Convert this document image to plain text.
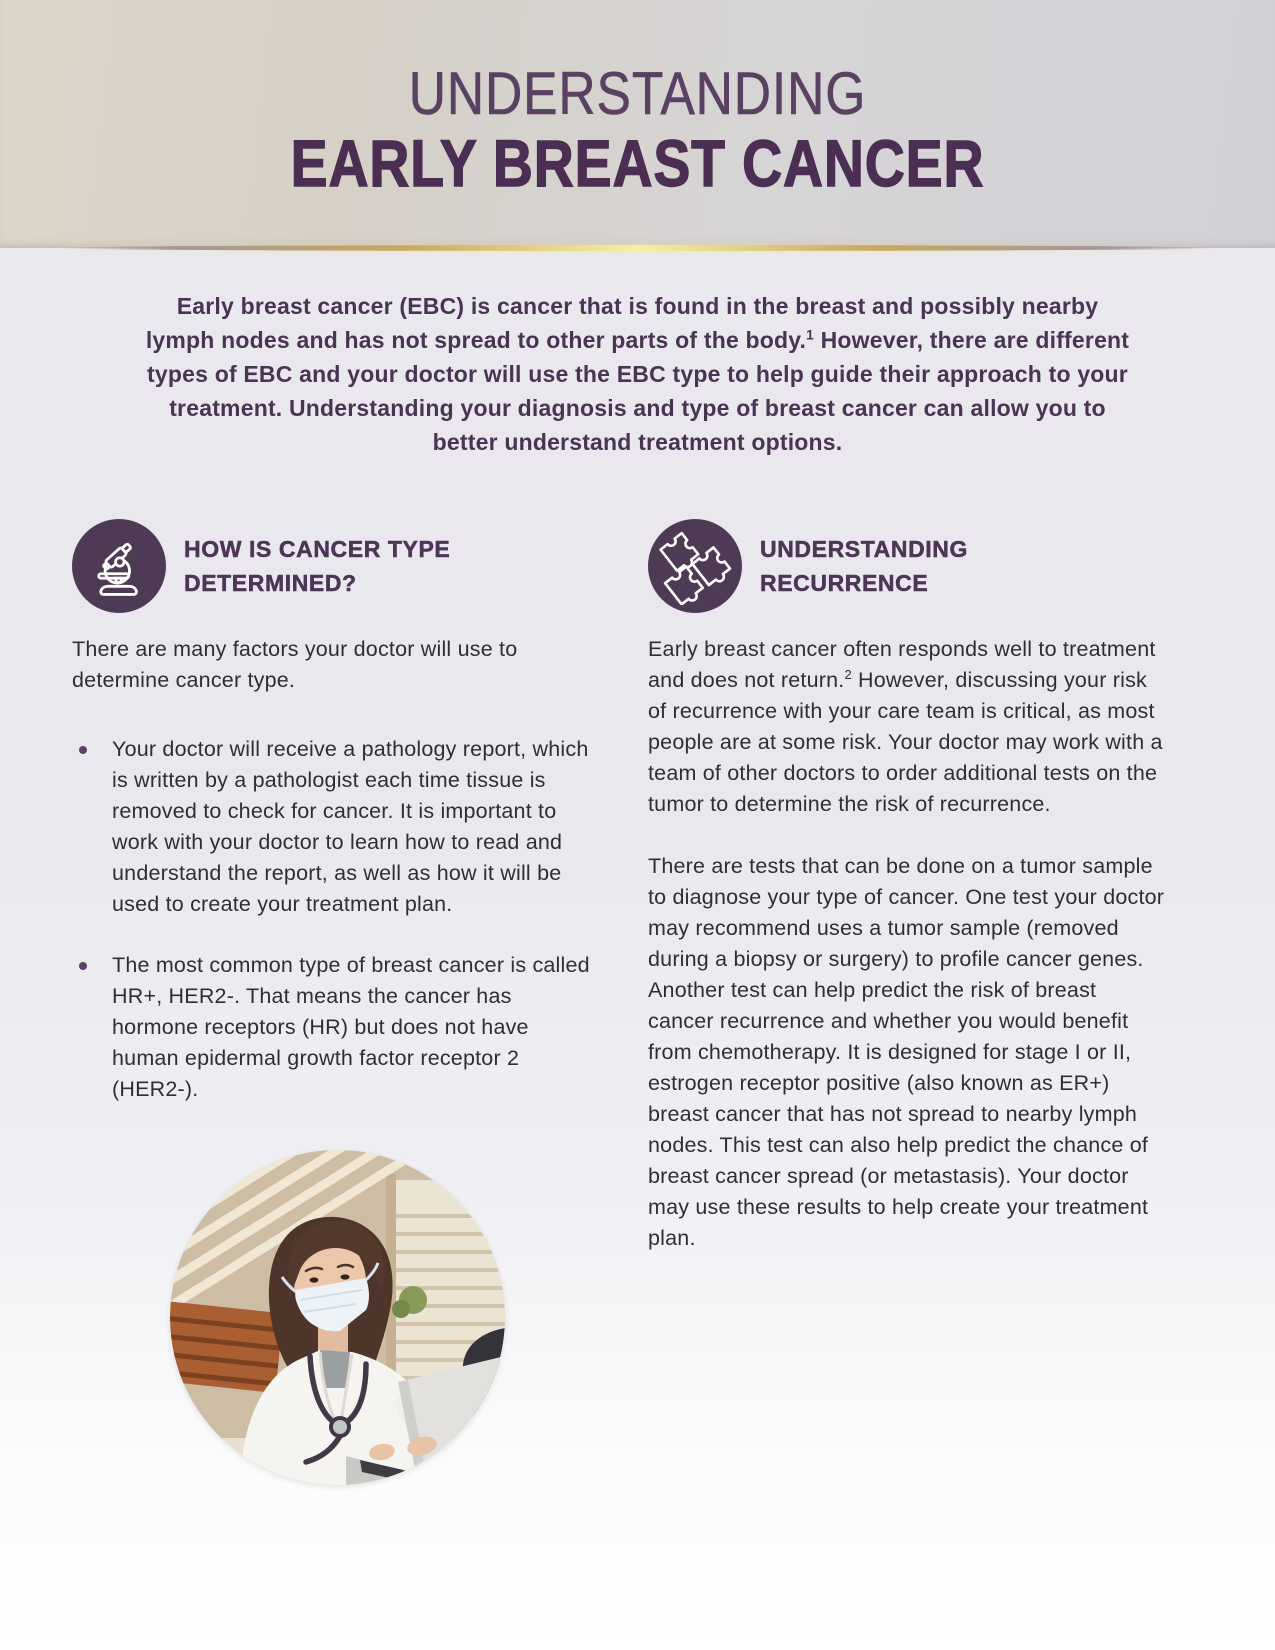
UNDERSTANDING
EARLY BREAST CANCER

Early breast cancer (EBC) is cancer that is found in the breast and possibly nearby lymph nodes and has not spread to other parts of the body.$^1$ However, there are different types of EBC and your doctor will use the EBC type to help guide their approach to your treatment. Understanding your diagnosis and type of breast cancer can allow you to better understand treatment options.

HOW IS CANCER TYPE
DETERMINED?

There are many factors your doctor will use to determine cancer type.

Your doctor will receive a pathology report, which is written by a pathologist each time tissue is removed to check for cancer. It is important to work with your doctor to learn how to read and understand the report, as well as how it will be used to create your treatment plan.
The most common type of breast cancer is called HR+, HER2-. That means the cancer has hormone receptors (HR) but does not have human epidermal growth factor receptor 2 (HER2-).
UNDERSTANDING
RECURRENCE

Early breast cancer often responds well to treatment and does not return.$^2$ However, discussing your risk of recurrence with your care team is critical, as most people are at some risk. Your doctor may work with a team of other doctors to order additional tests on the tumor to determine the risk of recurrence.

There are tests that can be done on a tumor sample to diagnose your type of cancer. One test your doctor may recommend uses a tumor sample (removed during a biopsy or surgery) to profile cancer genes. Another test can help predict the risk of breast cancer recurrence and whether you would benefit from chemotherapy. It is designed for stage I or II, estrogen receptor positive (also known as ER+) breast cancer that has not spread to nearby lymph nodes. This test can also help predict the chance of breast cancer spread (or metastasis). Your doctor may use these results to help create your treatment plan.
